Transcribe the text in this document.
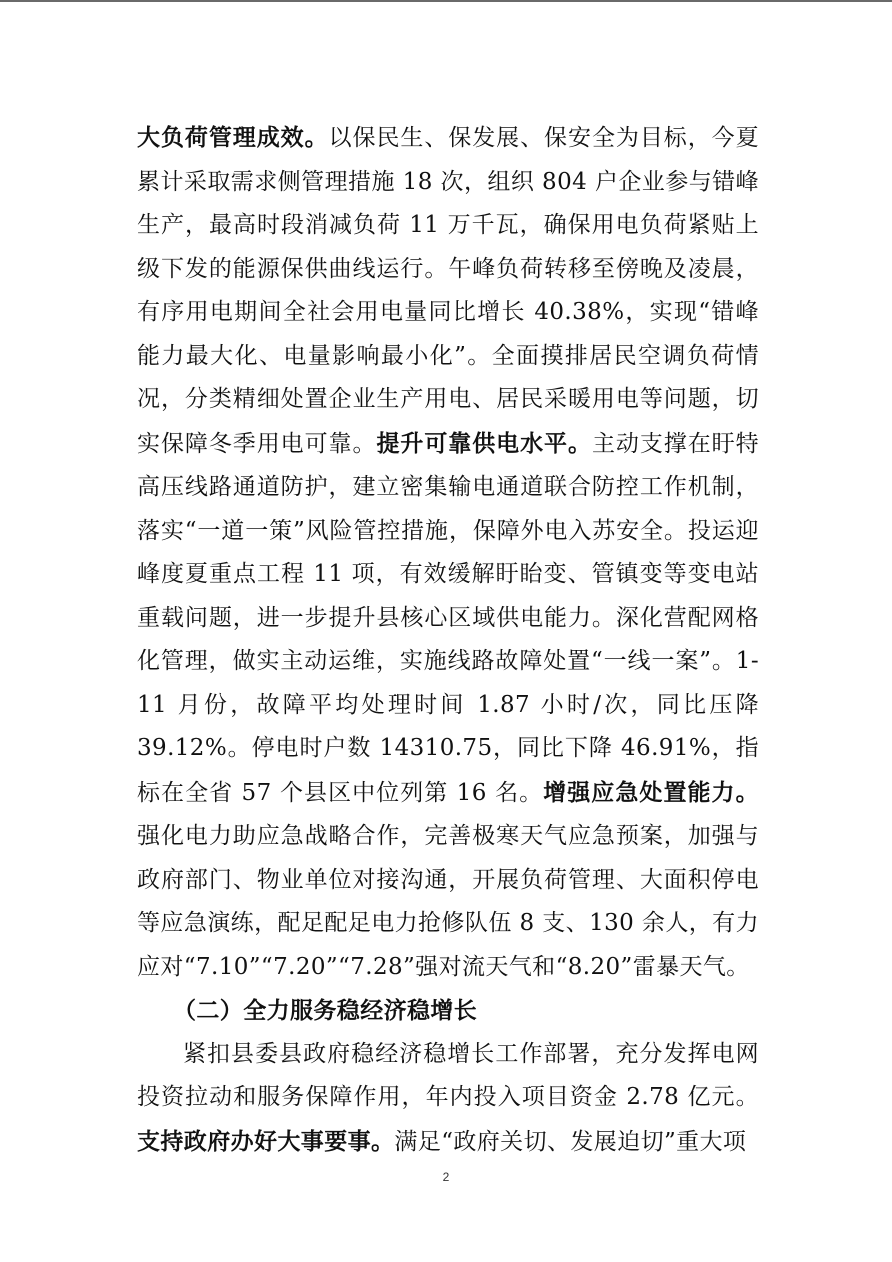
大负荷管理成效。以保民生、保发展、保安全为目标，今夏累计采取需求侧管理措施 18 次，组织 804 户企业参与错峰生产，最高时段消减负荷 11 万千瓦，确保用电负荷紧贴上级下发的能源保供曲线运行。午峰负荷转移至傍晚及凌晨，有序用电期间全社会用电量同比增长 40.38%，实现“错峰能力最大化、电量影响最小化”。全面摸排居民空调负荷情况，分类精细处置企业生产用电、居民采暖用电等问题，切实保障冬季用电可靠。提升可靠供电水平。主动支撑在盱特高压线路通道防护，建立密集输电通道联合防控工作机制，落实“一道一策”风险管控措施，保障外电入苏安全。投运迎峰度夏重点工程 11 项，有效缓解盱眙变、管镇变等变电站重载问题，进一步提升县核心区域供电能力。深化营配网格化管理，做实主动运维，实施线路故障处置“一线一案”。1-11 月份，故障平均处理时间 1.87 小时/次，同比压降 39.12%。停电时户数 14310.75，同比下降 46.91%，指标在全省 57 个县区中位列第 16 名。增强应急处置能力。强化电力助应急战略合作，完善极寒天气应急预案，加强与政府部门、物业单位对接沟通，开展负荷管理、大面积停电等应急演练，配足配足电力抢修队伍 8 支、130 余人，有力应对“7.10”“7.20”“7.28”强对流天气和“8.20”雷暴天气。

（二）全力服务稳经济稳增长

紧扣县委县政府稳经济稳增长工作部署，充分发挥电网投资拉动和服务保障作用，年内投入项目资金 2.78 亿元。支持政府办好大事要事。满足“政府关切、发展迫切”重大项

2
